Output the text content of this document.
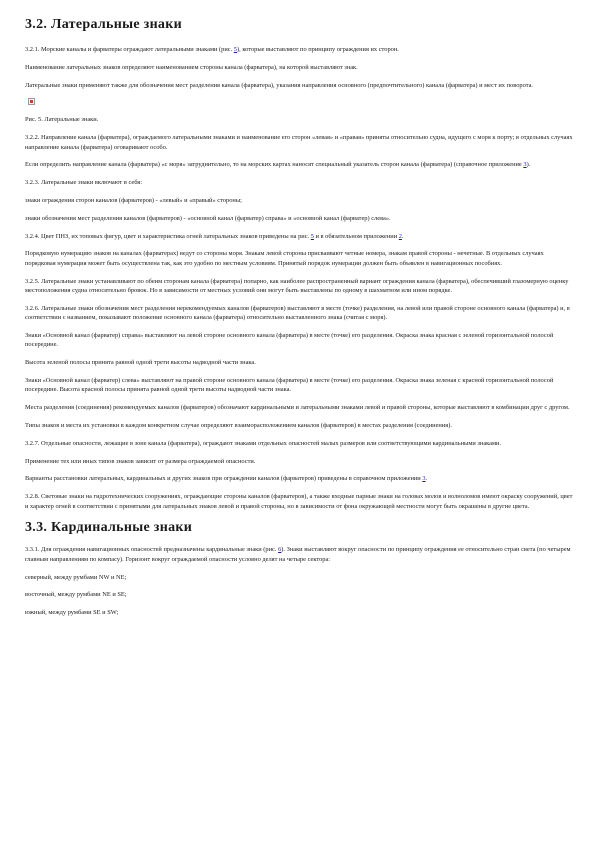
3.2. Латеральные знаки

3.2.1. Морские каналы и фарватеры ограждают латеральными знаками (рис. 5), которые выставляют по принципу ограждения их сторон.

Наименование латеральных знаков определяют наименованием стороны канала (фарватера), на которой выставляют знак.

Латеральные знаки применяют также для обозначения мест разделения канала (фарватера), указания направления основного (предпочтительного) канала (фарватера) и мест их поворота.

Рис. 5. Латеральные знаки.

3.2.2. Направление канала (фарватера), ограждаемого латеральными знаками и наименование его сторон «левая» и «правая» приняты относительно судна, идущего с моря к порту; в отдельных случаях направление канала (фарватера) оговаривают особо.

Если определить направление канала (фарватера) «с моря» затруднительно, то на морских картах наносят специальный указатель сторон канала (фарватера) (справочное приложение 3).

3.2.3. Латеральные знаки включают в себя:

знаки ограждения сторон каналов (фарватеров) - «левый» и «правый» стороны;

знаки обозначения мест разделения каналов (фарватеров) - «основной канал (фарватер) справа» и «основной канал (фарватер) слева».

3.2.4. Цвет ПНЗ, их топовых фигур, цвет и характеристика огней латеральных знаков приведены на рис. 5 и в обязательном приложении 2.

Порядковую нумерацию знаков на каналах (фарватерах) ведут со стороны моря. Знакам левой стороны присваивают четные номера, знакам правой стороны - нечетные. В отдельных случаях порядковая нумерация может быть осуществлена так, как это удобно по местным условиям. Принятый порядок нумерации должен быть объявлен в навигационных пособиях.

3.2.5. Латеральные знаки устанавливают по обеим сторонам канала (фарватера) попарно, как наиболее распространенный вариант ограждения канала (фарватера), обеспечивший глазомерную оценку местоположения судна относительно бровок. Но в зависимости от местных условий они могут быть выставлены по одному в шахматном или ином порядке.

3.2.6. Латеральные знаки обозначения мест разделения нерекомендуемых каналов (фарватеров) выставляют в месте (точке) разделения, на левой или правой стороне основного канала (фарватера) и, в соответствии с названием, показывают положение основного канала (фарватера) относительно выставленного знака (считая с моря).

Знаки «Основной канал (фарватер) справа» выставляют на левой стороне основного канала (фарватера) в месте (точке) его разделения. Окраска знака красная с зеленой горизонтальной полосой посередине.

Высота зеленой полосы принята равной одной трети высоты надводной части знака.

Знаки «Основной канал (фарватер) слева» выставляют на правой стороне основного канала (фарватера) в месте (точке) его разделения. Окраска знака зеленая с красной горизонтальной полосой посередине. Высота красной полосы принята равной одной трети высоты надводной части знака.

Места разделения (соединения) рекомендуемых каналов (фарватеров) обозначают кардинальными и латеральными знаками левой и правой стороны, которые выставляют в комбинации друг с другом.

Типы знаков и места их установки в каждом конкретном случае определяют взаиморасположением каналов (фарватеров) в местах разделения (соединения).

3.2.7. Отдельные опасности, лежащие в зоне канала (фарватера), ограждают знаками отдельных опасностей малых размеров или соответствующими кардинальными знаками.

Применение тех или иных типов знаков зависит от размера ограждаемой опасности.

Варианты расстановки латеральных, кардинальных и других знаков при ограждении каналов (фарватеров) приведены в справочном приложении 3.

3.2.8. Световые знаки на гидротехнических сооружениях, ограждающие стороны каналов (фарватеров), а также входные парные знаки на головах молов и волноломов имеют окраску сооружений, цвет и характер огней в соответствии с принятыми для латеральных знаков левой и правой стороны, но в зависимости от фона окружающей местности могут быть окрашены в другие цвета.

3.3. Кардинальные знаки

3.3.1. Для ограждения навигационных опасностей предназначены кардинальные знаки (рис. 6). Знаки выставляют вокруг опасности по принципу ограждения ее относительно стран света (по четырем главным направлениям по компасу). Горизонт вокруг ограждаемой опасности условно делят на четыре сектора:

северный, между румбами NW и NE;

восточный, между румбами NE и SE;

южный, между румбами SE и SW;
